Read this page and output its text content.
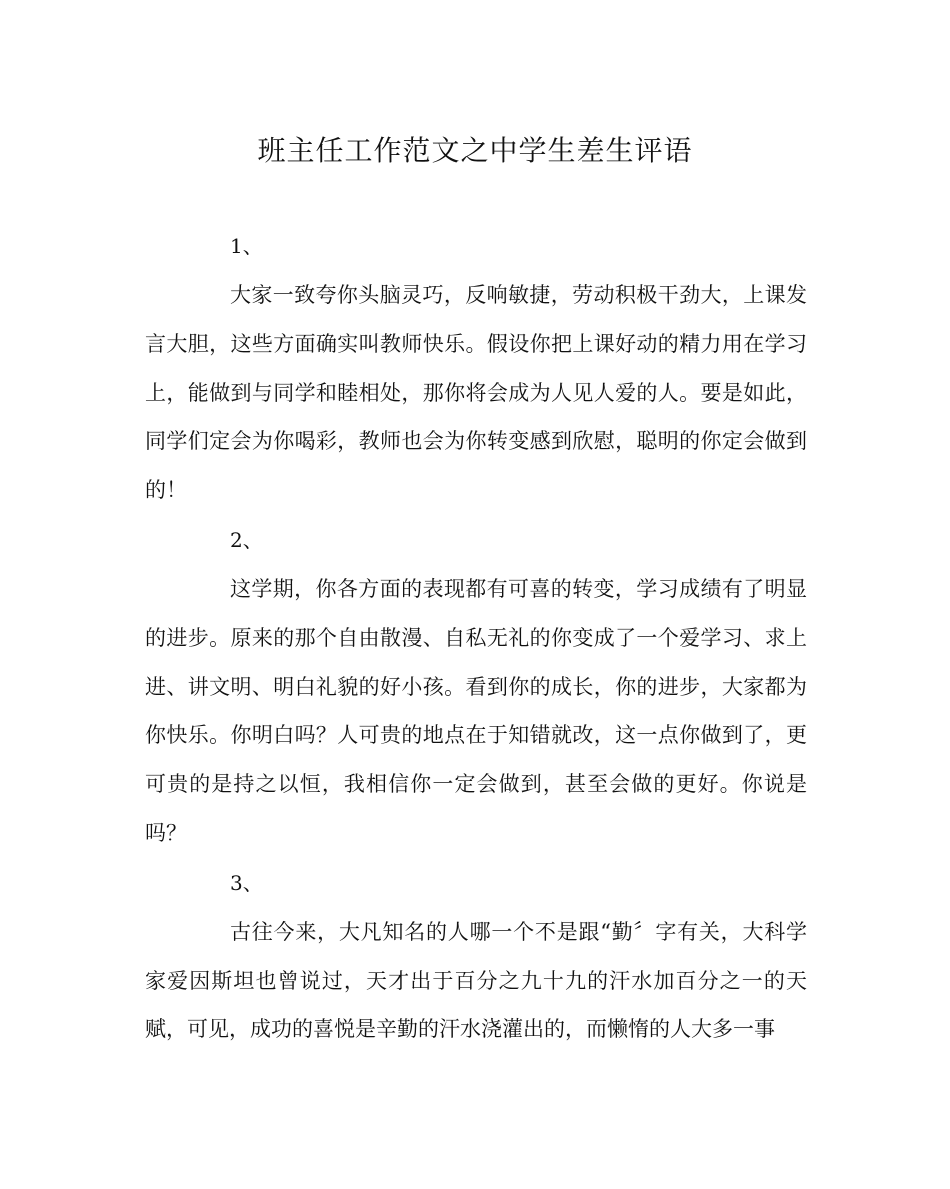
班主任工作范文之中学生差生评语

1、

大家一致夸你头脑灵巧，反响敏捷，劳动积极干劲大，上课发言大胆，这些方面确实叫教师快乐。假设你把上课好动的精力用在学习上，能做到与同学和睦相处，那你将会成为人见人爱的人。要是如此，同学们定会为你喝彩，教师也会为你转变感到欣慰，聪明的你定会做到的！

2、

这学期，你各方面的表现都有可喜的转变，学习成绩有了明显的进步。原来的那个自由散漫、自私无礼的你变成了一个爱学习、求上进、讲文明、明白礼貌的好小孩。看到你的成长，你的进步，大家都为你快乐。你明白吗？人可贵的地点在于知错就改，这一点你做到了，更可贵的是持之以恒，我相信你一定会做到，甚至会做的更好。你说是吗？

3、

古往今来，大凡知名的人哪一个不是跟“勤〞字有关，大科学家爱因斯坦也曾说过，天才出于百分之九十九的汗水加百分之一的天赋，可见，成功的喜悦是辛勤的汗水浇灌出的，而懒惰的人大多一事
